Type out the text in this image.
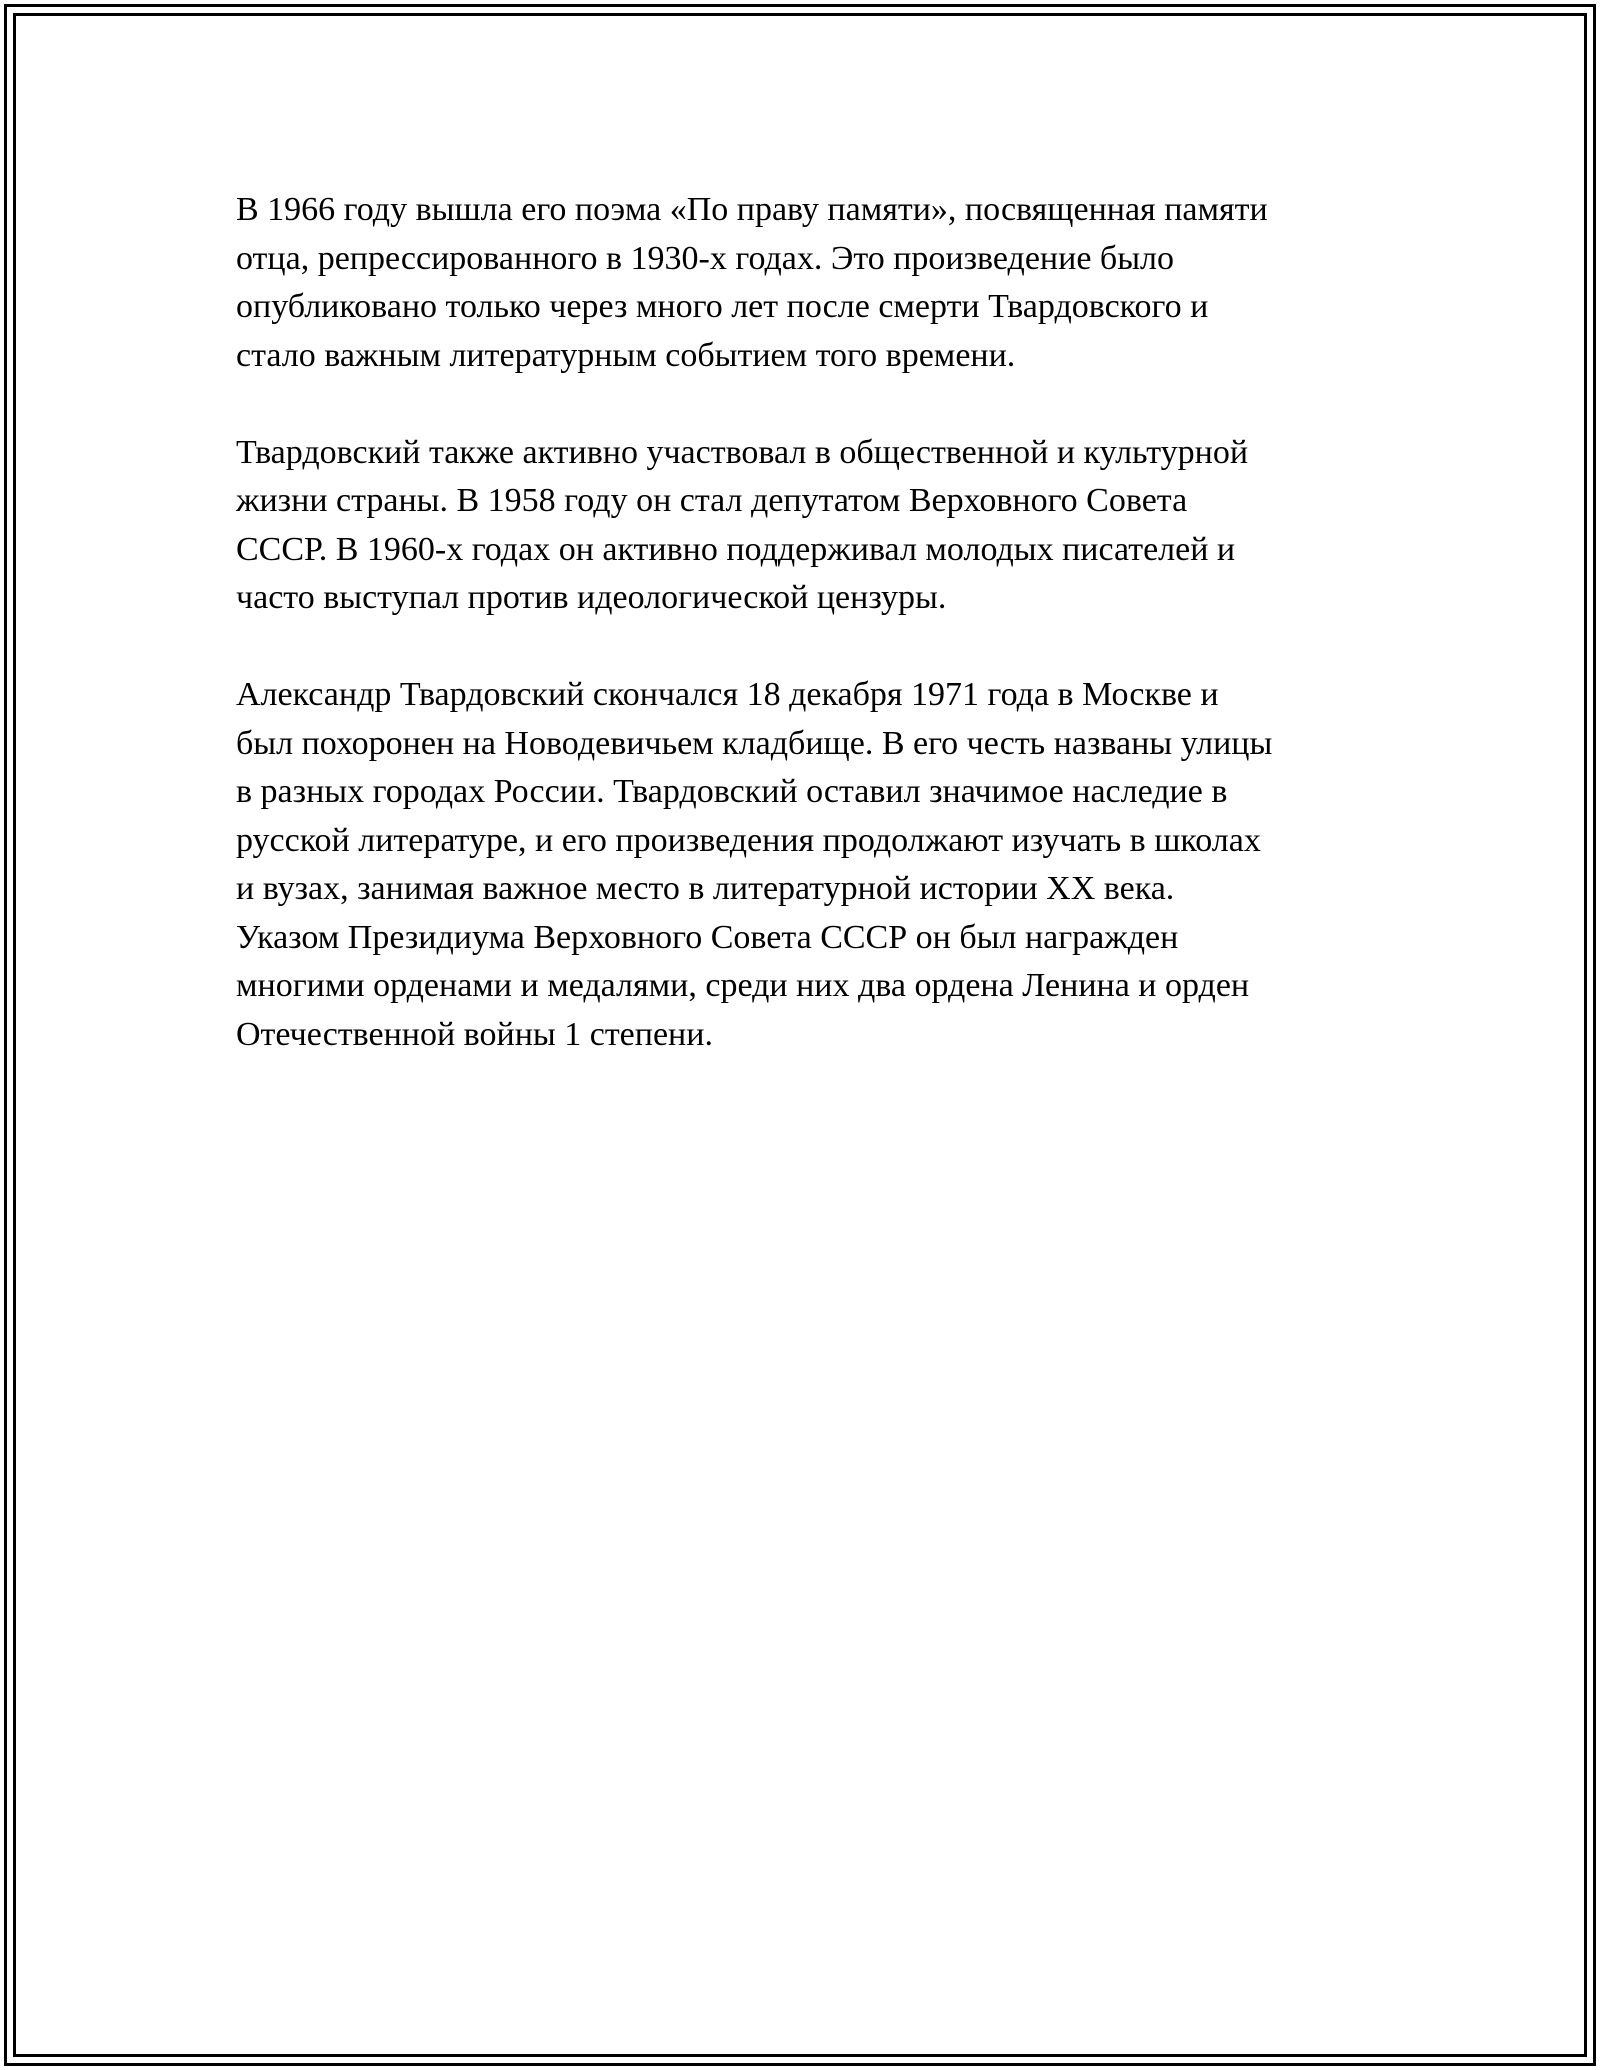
В 1966 году вышла его поэма «По праву памяти», посвященная памяти
отца, репрессированного в 1930-х годах. Это произведение было
опубликовано только через много лет после смерти Твардовского и
стало важным литературным событием того времени.

Твардовский также активно участвовал в общественной и культурной
жизни страны. В 1958 году он стал депутатом Верховного Совета
СССР. В 1960-х годах он активно поддерживал молодых писателей и
часто выступал против идеологической цензуры.

Александр Твардовский скончался 18 декабря 1971 года в Москве и
был похоронен на Новодевичьем кладбище. В его честь названы улицы
в разных городах России. Твардовский оставил значимое наследие в
русской литературе, и его произведения продолжают изучать в школах
и вузах, занимая важное место в литературной истории XX века.
Указом Президиума Верховного Совета СССР он был награжден
многими орденами и медалями, среди них два ордена Ленина и орден
Отечественной войны 1 степени.
